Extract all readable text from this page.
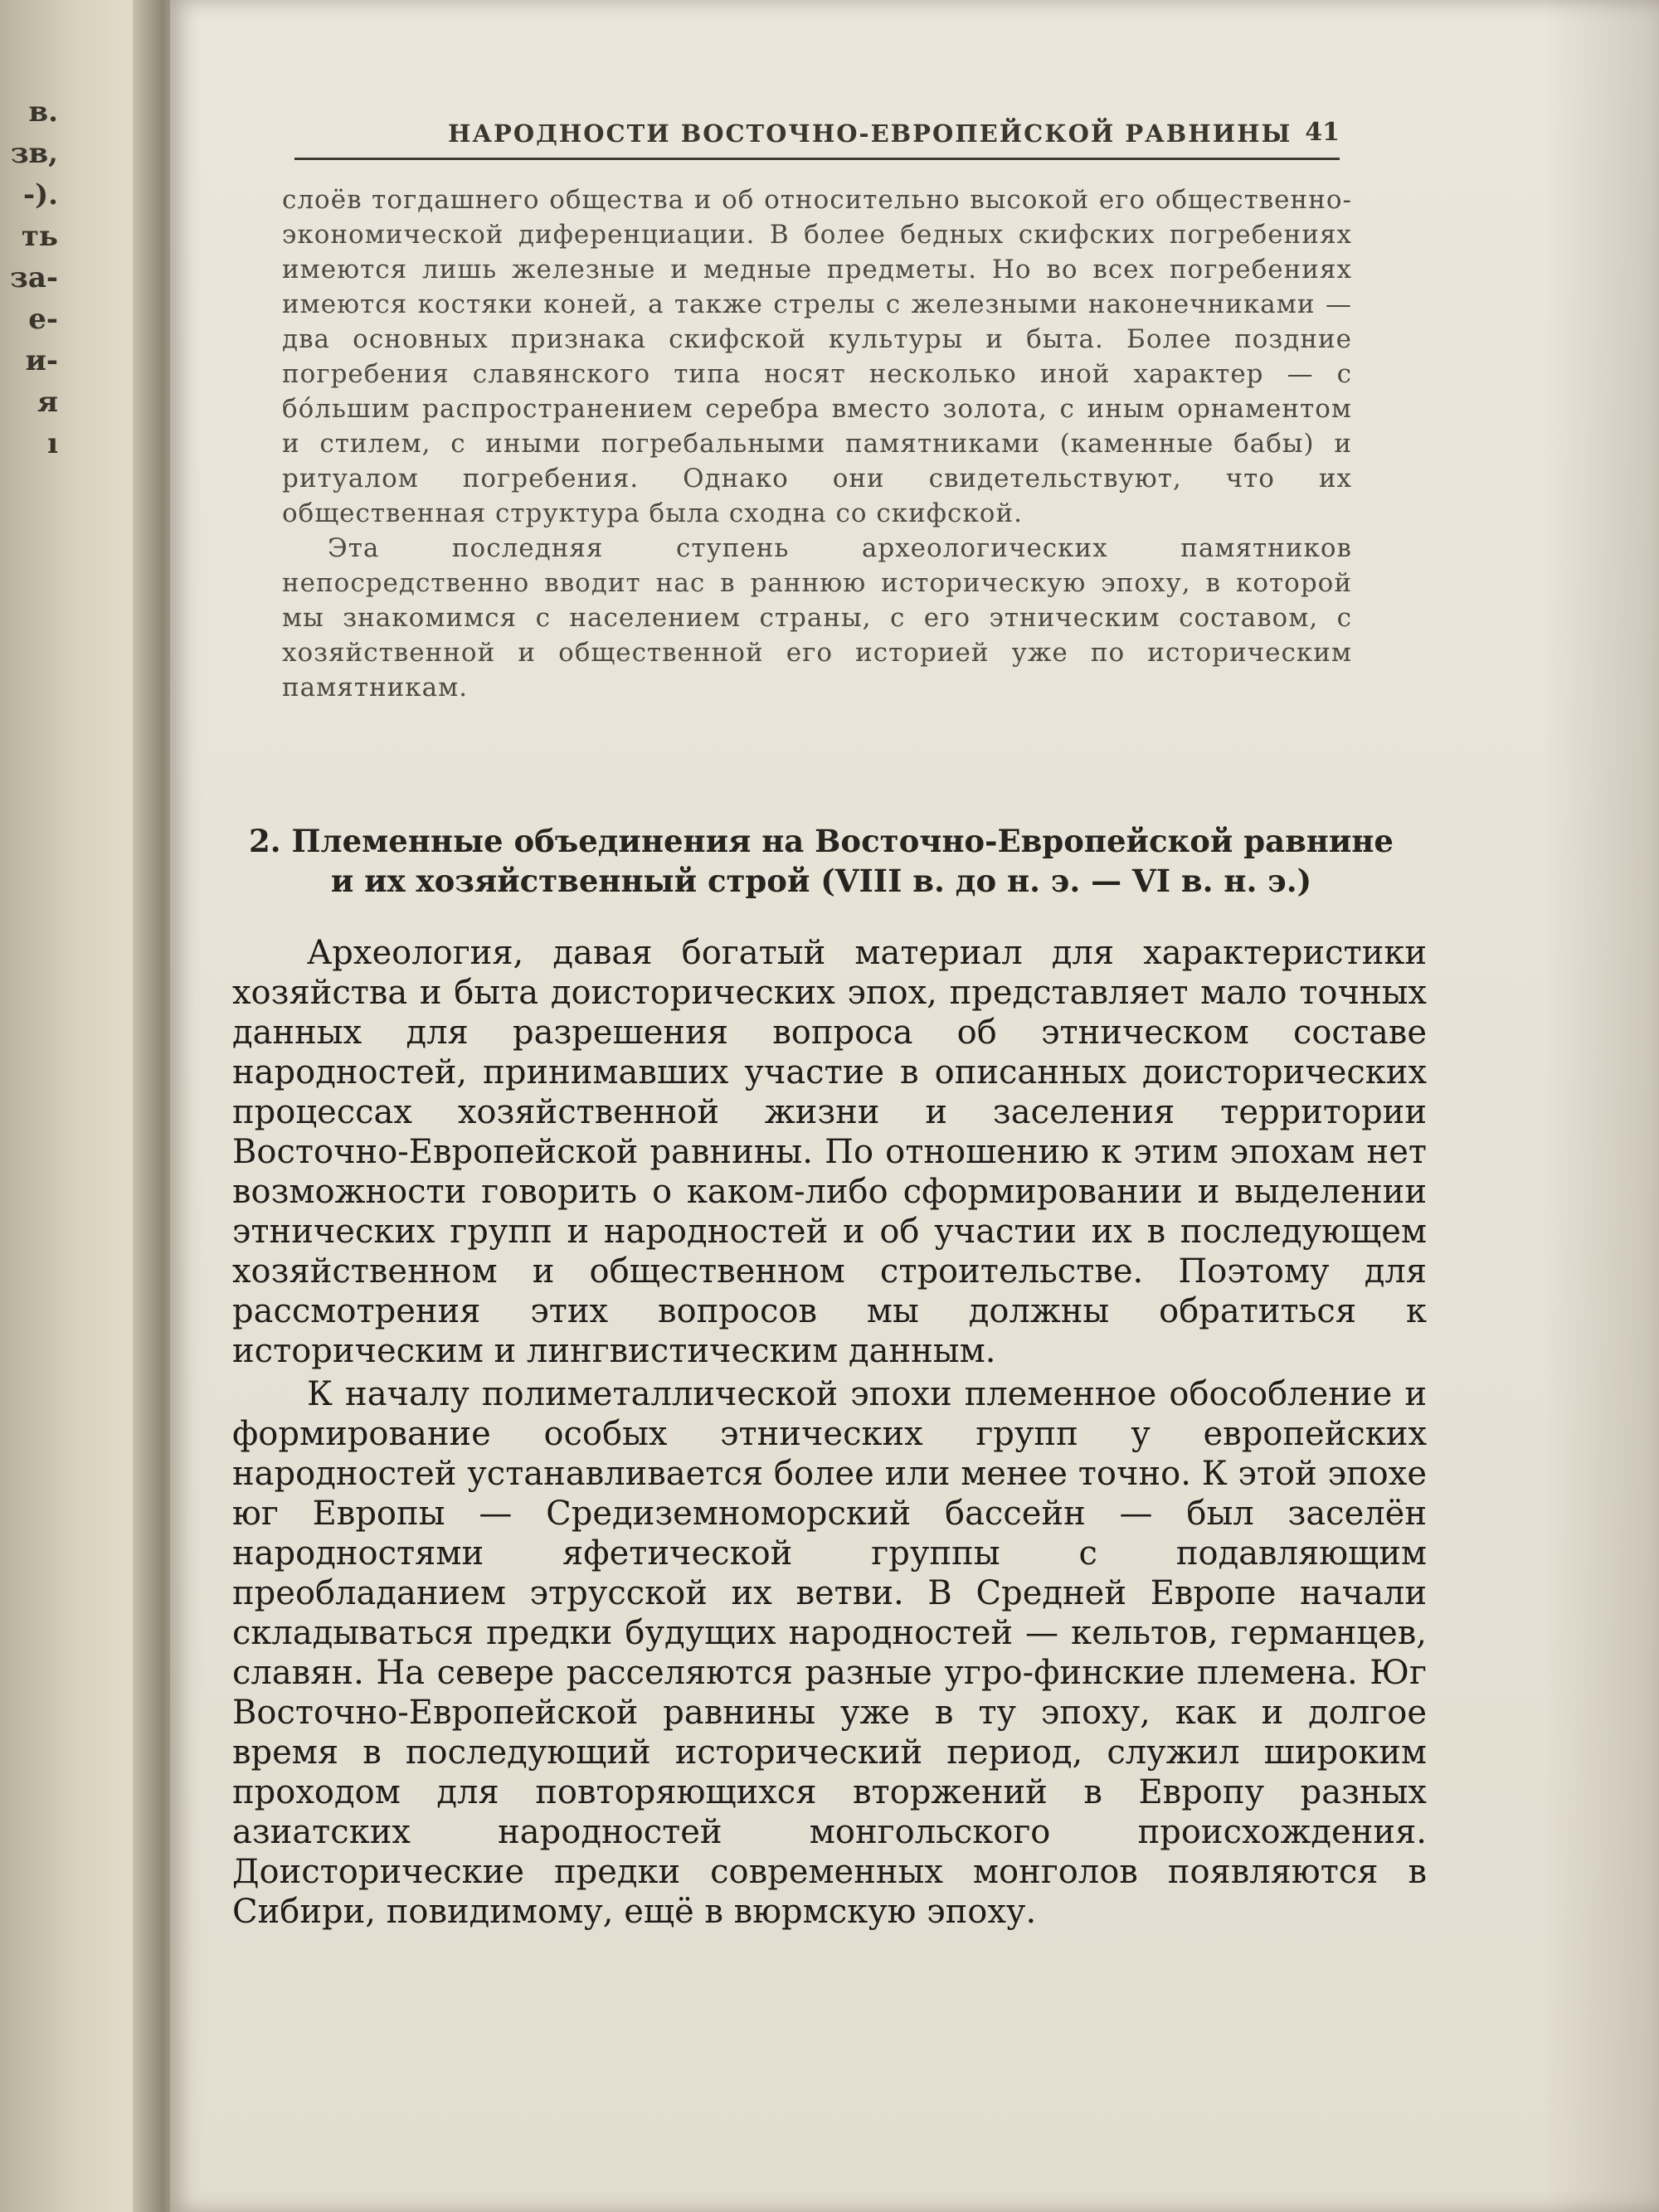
в.
зв,
-).
ть
за-
е-
и-
я
ı
НАРОДНОСТИ ВОСТОЧНО-ЕВРОПЕЙСКОЙ РАВНИНЫ 41

слоёв тогдашнего общества и об относительно высокой его общественно-экономической диференциации. В более бедных скифских погребениях имеются лишь железные и медные предметы. Но во всех погребениях имеются костяки коней, а также стрелы с железными наконечниками — два основных признака скифской культуры и быта. Более поздние погребения славянского типа носят несколько иной характер — с бо́льшим распространением серебра вместо золота, с иным орнаментом и стилем, с иными погребальными памятниками (каменные бабы) и ритуалом погребения. Однако они свидетельствуют, что их общественная структура была сходна со скифской.

Эта последняя ступень археологических памятников непосредственно вводит нас в раннюю историческую эпоху, в которой мы знакомимся с населением страны, с его этническим составом, с хозяйственной и общественной его историей уже по историческим памятникам.

2. Племенные объединения на Восточно-Европейской равнине
и их хозяйственный строй (VIII в. до н. э. — VI в. н. э.)

Археология, давая богатый материал для характеристики хозяйства и быта доисторических эпох, представляет мало точных данных для разрешения вопроса об этническом составе народностей, принимавших участие в описанных доисторических процессах хозяйственной жизни и заселения территории Восточно-Европейской равнины. По отношению к этим эпохам нет возможности говорить о каком-либо сформировании и выделении этнических групп и народностей и об участии их в последующем хозяйственном и общественном строительстве. Поэтому для рассмотрения этих вопросов мы должны обратиться к историческим и лингвистическим данным.

К началу полиметаллической эпохи племенное обособление и формирование особых этнических групп у европейских народностей устанавливается более или менее точно. К этой эпохе юг Европы — Средиземноморский бассейн — был заселён народностями яфетической группы с подавляющим преобладанием этрусской их ветви. В Средней Европе начали складываться предки будущих народностей — кельтов, германцев, славян. На севере расселяются разные угро-финские племена. Юг Восточно-Европейской равнины уже в ту эпоху, как и долгое время в последующий исторический период, служил широким проходом для повторяющихся вторжений в Европу разных азиатских народностей монгольского происхождения. Доисторические предки современных монголов появляются в Сибири, повидимому, ещё в вюрмскую эпоху.
